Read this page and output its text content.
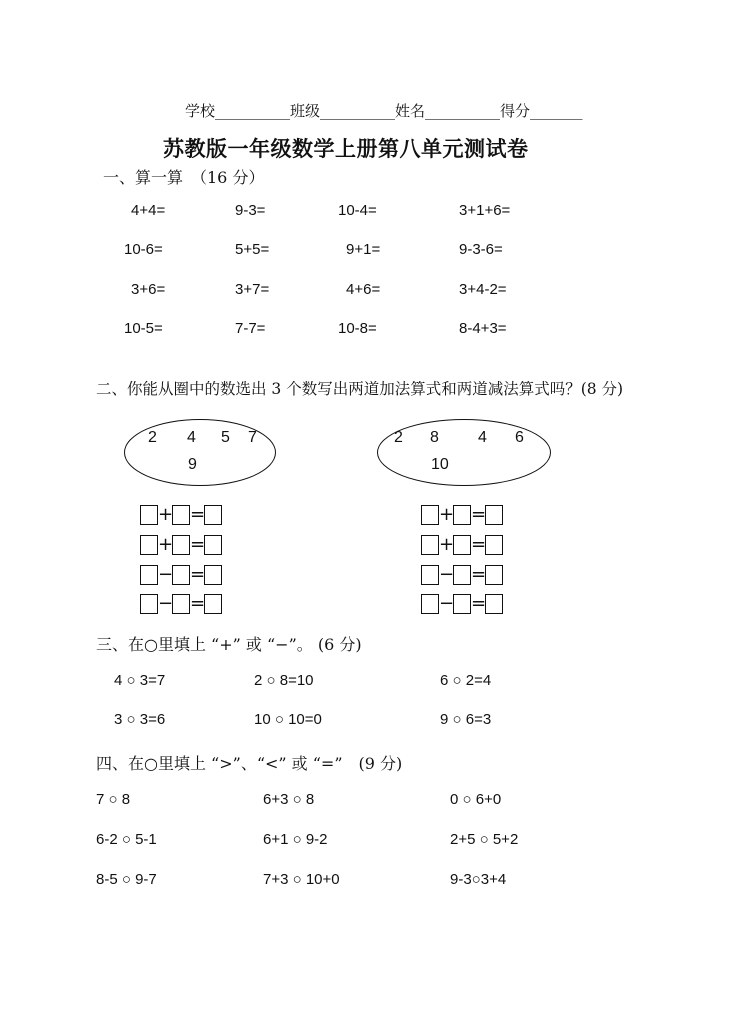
学校__________班级__________姓名__________得分_______
苏教版一年级数学上册第八单元测试卷
一、算一算　（16 分）
4+4=	9-3=	10-4=	3+1+6=
10-6=	5+5=	9+1=	9-3-6=
3+6=	3+7=	4+6=	3+4-2=
10-5=	7-7=	10-8=	8-4+3=
二、你能从圈中的数选出 3 个数写出两道加法算式和两道减法算式吗？(8 分)
2 4 5 7
9
2 8 4 6
10
+ =
+ =
− =
− =
+ =
+ =
− =
− =
三、在○里填上 “+” 或 “−”。 (6 分)
4 ○ 3=7	2 ○ 8=10	6 ○ 2=4
3 ○ 3=6	10 ○ 10=0	9 ○ 6=3
四、在○里填上 “>”、“<” 或 “=”　(9 分)
7 ○ 8	6+3 ○ 8	0 ○ 6+0
6-2 ○ 5-1	6+1 ○ 9-2	2+5 ○ 5+2
8-5 ○ 9-7	7+3 ○ 10+0	9-3○3+4
